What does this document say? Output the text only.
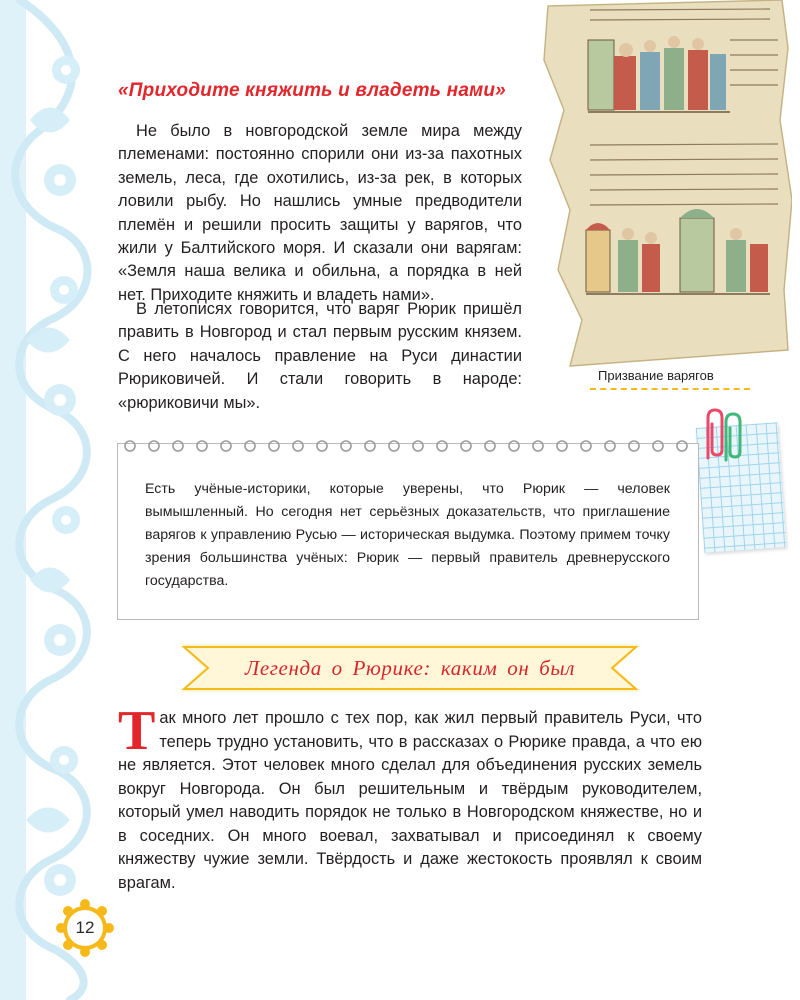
«Приходите княжить и владеть нами»

Не было в новгородской земле мира между племенами: постоянно спорили они из-за пахотных земель, леса, где охотились, из-за рек, в которых ловили рыбу. Но нашлись умные предводители племён и решили просить защиты у варягов, что жили у Балтийского моря. И сказали они варягам: «Земля наша велика и обильна, а порядка в ней нет. Приходите княжить и владеть нами».

В летописях говорится, что варяг Рюрик пришёл править в Новгород и стал первым русским князем. С него началось правление на Руси династии Рюриковичей. И стали говорить в народе: «рюриковичи мы».

Призвание варягов

Есть учёные-историки, которые уверены, что Рюрик — человек вымышленный. Но сегодня нет серьёзных доказательств, что приглашение варягов к управлению Русью — историческая выдумка. Поэтому примем точку зрения большинства учёных: Рюрик — первый правитель древнерусского государства.

Легенда о Рюрике: каким он был

Так много лет прошло с тех пор, как жил первый правитель Руси, что теперь трудно установить, что в рассказах о Рюрике правда, а что ею не является. Этот человек много сделал для объединения русских земель вокруг Новгорода. Он был решительным и твёрдым руководителем, который умел наводить порядок не только в Новгородском княжестве, но и в соседних. Он много воевал, захватывал и присоединял к своему княжеству чужие земли. Твёрдость и даже жестокость проявлял к своим врагам.

12
